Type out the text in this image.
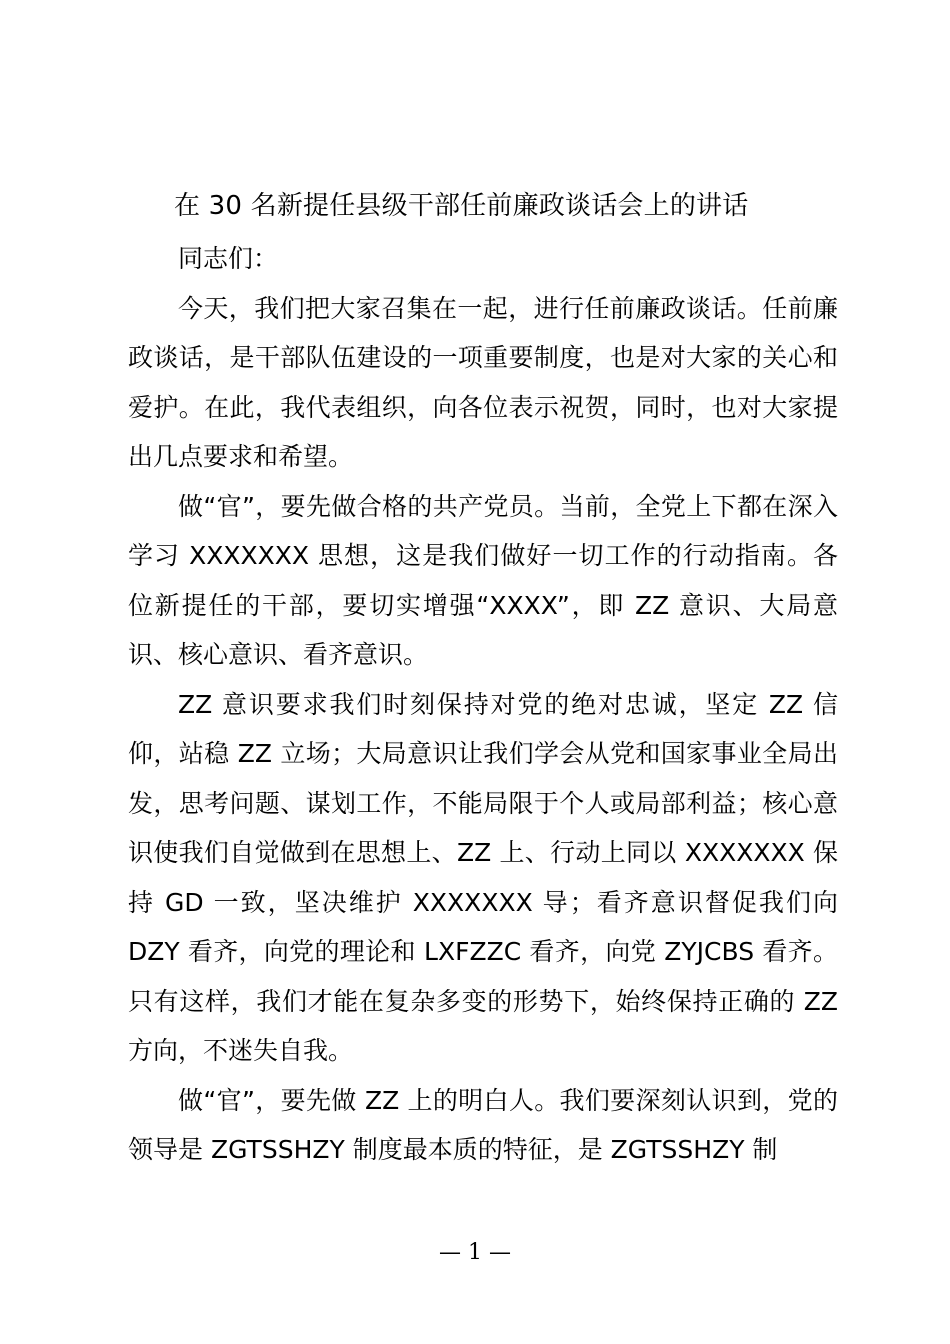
在 30 名新提任县级干部任前廉政谈话会上的讲话

同志们：

今天，我们把大家召集在一起，进行任前廉政谈话。任前廉政谈话，是干部队伍建设的一项重要制度，也是对大家的关心和爱护。在此，我代表组织，向各位表示祝贺，同时，也对大家提出几点要求和希望。

做“官”，要先做合格的共产党员。当前，全党上下都在深入学习 XXXXXXX 思想，这是我们做好一切工作的行动指南。各位新提任的干部，要切实增强“XXXX”，即 ZZ 意识、大局意识、核心意识、看齐意识。

ZZ 意识要求我们时刻保持对党的绝对忠诚，坚定 ZZ 信仰，站稳 ZZ 立场；大局意识让我们学会从党和国家事业全局出发，思考问题、谋划工作，不能局限于个人或局部利益；核心意识使我们自觉做到在思想上、ZZ 上、行动上同以 XXXXXXX 保持 GD 一致，坚决维护 XXXXXXX 导；看齐意识督促我们向 DZY 看齐，向党的理论和 LXFZZC 看齐，向党 ZYJCBS 看齐。只有这样，我们才能在复杂多变的形势下，始终保持正确的 ZZ 方向，不迷失自我。

做“官”，要先做 ZZ 上的明白人。我们要深刻认识到，党的领导是 ZGTSSHZY 制度最本质的特征，是 ZGTSSHZY 制

— 1 —
